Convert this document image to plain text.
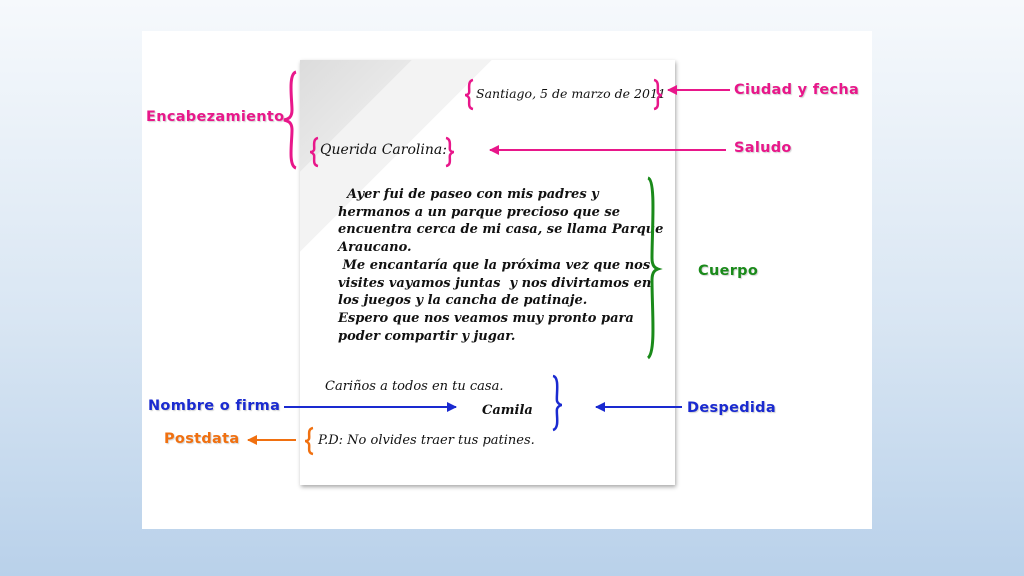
Santiago, 5 de marzo de 2011
Querida Carolina:
Ayer fui de paseo con mis padres y
hermanos a un parque precioso que se
encuentra cerca de mi casa, se llama Parque
Araucano.
Me encantaría que la próxima vez que nos
visites vayamos juntas  y nos divirtamos en
los juegos y la cancha de patinaje.
Espero que nos veamos muy pronto para
poder compartir y jugar.
Cariños a todos en tu casa.
Camila
P.D: No olvides traer tus patines.
Encabezamiento
Ciudad y fecha
Saludo
Cuerpo
Nombre o firma	Despedida
Postdata
